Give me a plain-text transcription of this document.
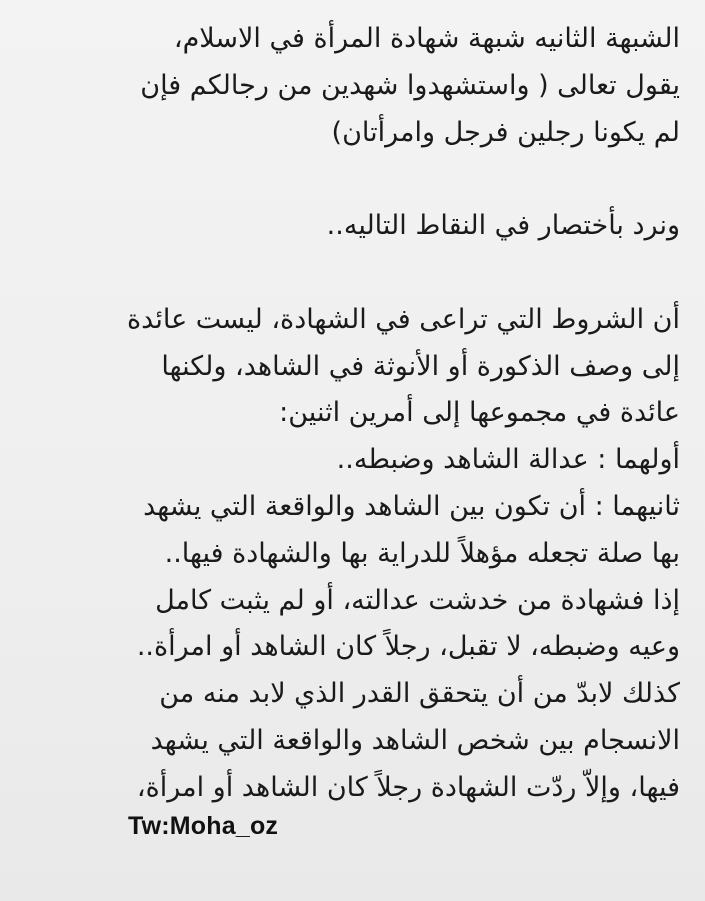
الشبهة الثانيه شبهة شهادة المرأة في الاسلام،
يقول تعالى ( واستشهدوا شهدين من رجالكم فإن
لم يكونا رجلين فرجل وامرأتان)
ونرد بأختصار في النقاط التاليه..
أن الشروط التي تراعى في الشهادة، ليست عائدة
إلى وصف الذكورة أو الأنوثة في الشاهد، ولكنها
عائدة في مجموعها إلى أمرين اثنين:
أولهما : عدالة الشاهد وضبطه..
ثانيهما : أن تكون بين الشاهد والواقعة التي يشهد
بها صلة تجعله مؤهلاً للدراية بها والشهادة فيها..
إذا فشهادة من خدشت عدالته، أو لم يثبت كامل
وعيه وضبطه، لا تقبل، رجلاً كان الشاهد أو امرأة..
كذلك لابدّ من أن يتحقق القدر الذي لابد منه من
الانسجام بين شخص الشاهد والواقعة التي يشهد
فيها، وإلاّ ردّت الشهادة رجلاً كان الشاهد أو امرأة،
Tw:Moha_oz
